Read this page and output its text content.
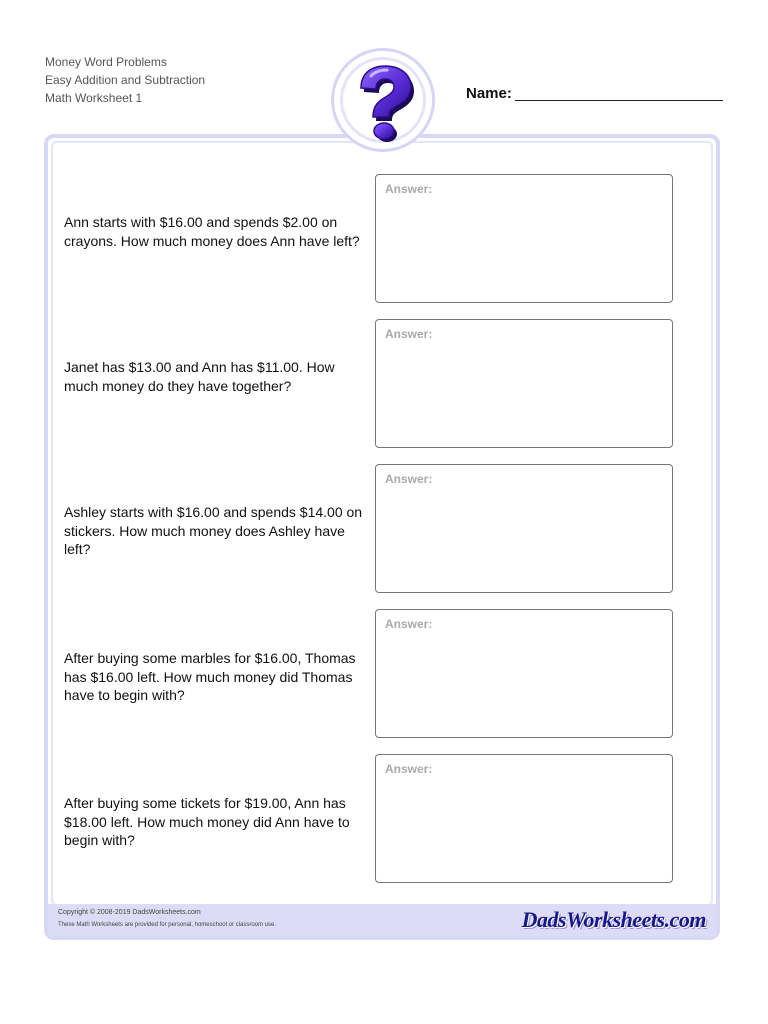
Money Word Problems
Easy Addition and Subtraction
Math Worksheet 1	Name:
Copyright © 2008-2019 DadsWorksheets.com
These Math Worksheets are provided for personal, homeschool or classroom use.	DadsWorksheets.com
Ann starts with $16.00 and spends $2.00 on crayons. How much money does Ann have left?
Answer:
Janet has $13.00 and Ann has $11.00. How much money do they have together?
Answer:
Ashley starts with $16.00 and spends $14.00 on stickers. How much money does Ashley have left?
Answer:
After buying some marbles for $16.00, Thomas has $16.00 left. How much money did Thomas have to begin with?
Answer:
After buying some tickets for $19.00, Ann has $18.00 left. How much money did Ann have to begin with?
Answer:
